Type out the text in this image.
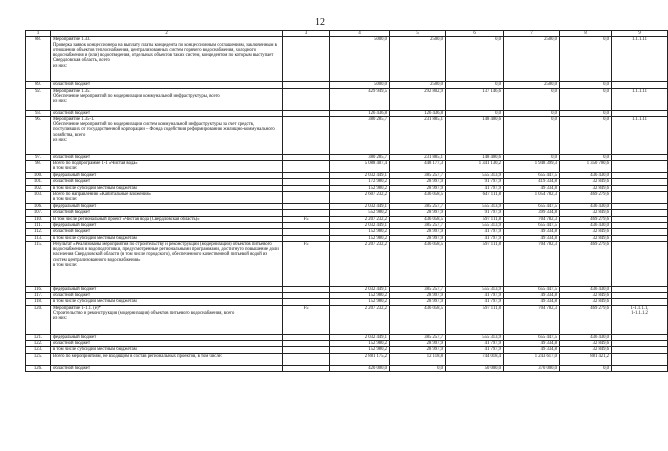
12
1	2	3	4	5	6	7	8	9
88.	Мероприятие 1.33.
Проверка заявок концессионера на выплату платы концедента по концессионным соглашениям, заключенным в отношении объектов теплоснабжения, централизованных систем горячего водоснабжения, холодного водоснабжения и (или) водоотведения, отдельных объектов таких систем, концедентом по которым выступает Свердловская область, всего
из них:		5000,0	2500,0	0,0	2500,0	0,0	1.1.1.11
89.	областной бюджет		5000,0	2500,0	0,0	2500,0	0,0	
92.	Мероприятие 1.35.
Обеспечение мероприятий по модернизации коммунальной инфраструктуры, всего
из них:		429 949,5	292 802,9	137 146,6	0,0	0,0	1.1.1.11
93.	областной бюджет		126 436,8	126 436,8	0,0	0,0	0,0	
96.	Мероприятие 1.35-1.
Обеспечение мероприятий по модернизации систем коммунальной инфраструктуры за счет средств, поступивших от государственной корпорации – Фонда содействия реформированию жилищно-коммунального хозяйства, всего
из них:		380 285,7	231 885,1	148 400,6	0,0	0,0	1.1.1.11
97.	областной бюджет		380 285,7	231 885,1	148 400,6	0,0	0,0	
98.	Всего по подпрограмме 1-1 «Чистая вода»
в том числе:		5 088 407,4	448 177,3	1 341 130,2	1 948 399,3	1 350 700,6	
100.	федеральный бюджет		2 032 449,1	385 257,7	555 313,9	655 447,5	436 430,0	
101.	областной бюджет		172 980,2	28 997,9	91 797,9	419 334,8	32 849,6	
102.	в том числе субсидии местным бюджетам		152 980,2	28 997,9	41 797,9	49 334,8	32 849,6	
103.	Всего по направлению «Капитальные вложения»
в том числе:		2 607 232,2	436 058,5	647 111,8	1 054 782,3	469 279,6	
106.	федеральный бюджет		2 032 449,1	385 257,7	555 313,9	655 447,5	436 430,0	
107.	областной бюджет		552 980,2	28 997,9	91 797,9	399 334,8	32 849,6	
110.	В том числе региональный проект «Чистая вода (Свердловская область)»	F5	2 207 232,2	436 058,5	597 111,8	704 782,3	469 279,6	
111.	федеральный бюджет		2 032 449,1	385 257,7	555 313,9	655 447,5	436 430,0	
112.	областной бюджет		152 980,2	28 997,9	41 797,9	49 334,8	32 849,6	
113.	в том числе субсидии местным бюджетам		152 980,2	28 997,9	41 797,9	49 334,8	32 849,6	
115.	Результат «Реализованы мероприятия по строительству и реконструкции (модернизации) объектов питьевого водоснабжения и водоподготовки, предусмотренные региональными программами, достигнуто повышение доли населения Свердловской области (в том числе городского), обеспеченного качественной питьевой водой из систем централизованного водоснабжения»
в том числе:	F5	2 207 232,2	436 058,5	597 111,8	704 782,3	469 279,6	
116.	федеральный бюджет		2 032 449,1	385 257,7	555 313,9	655 447,5	436 430,0	
117.	областной бюджет		152 980,2	28 997,9	41 797,9	49 334,8	32 849,6	
118.	в том числе субсидии местным бюджетам		152 980,2	28 997,9	41 797,9	49 334,8	32 849,6	
120.	Мероприятие 1-1.1. (e)*
Строительство и реконструкция (модернизация) объектов питьевого водоснабжения, всего
из них:	F5	2 207 232,2	436 058,5	597 111,8	704 782,3	469 279,6	1-1.1.1.1,
1-1.1.1.2
121.	федеральный бюджет		2 032 449,1	385 257,7	555 313,9	655 447,5	436 430,0	
122.	областной бюджет		152 980,2	28 997,9	41 797,9	49 334,8	32 849,6	
123.	в том числе субсидии местным бюджетам		152 980,2	28 997,9	41 797,9	49 334,8	32 849,6	
125.	Всего по мероприятиям, не входящим в состав региональных проектов, в том числе:		2 881 175,2	12 118,8	744 018,4	1 243 617,0	881 421,2	
126.	областной бюджет		420 000,0	0,0	50 000,0	370 000,0	0,0	
